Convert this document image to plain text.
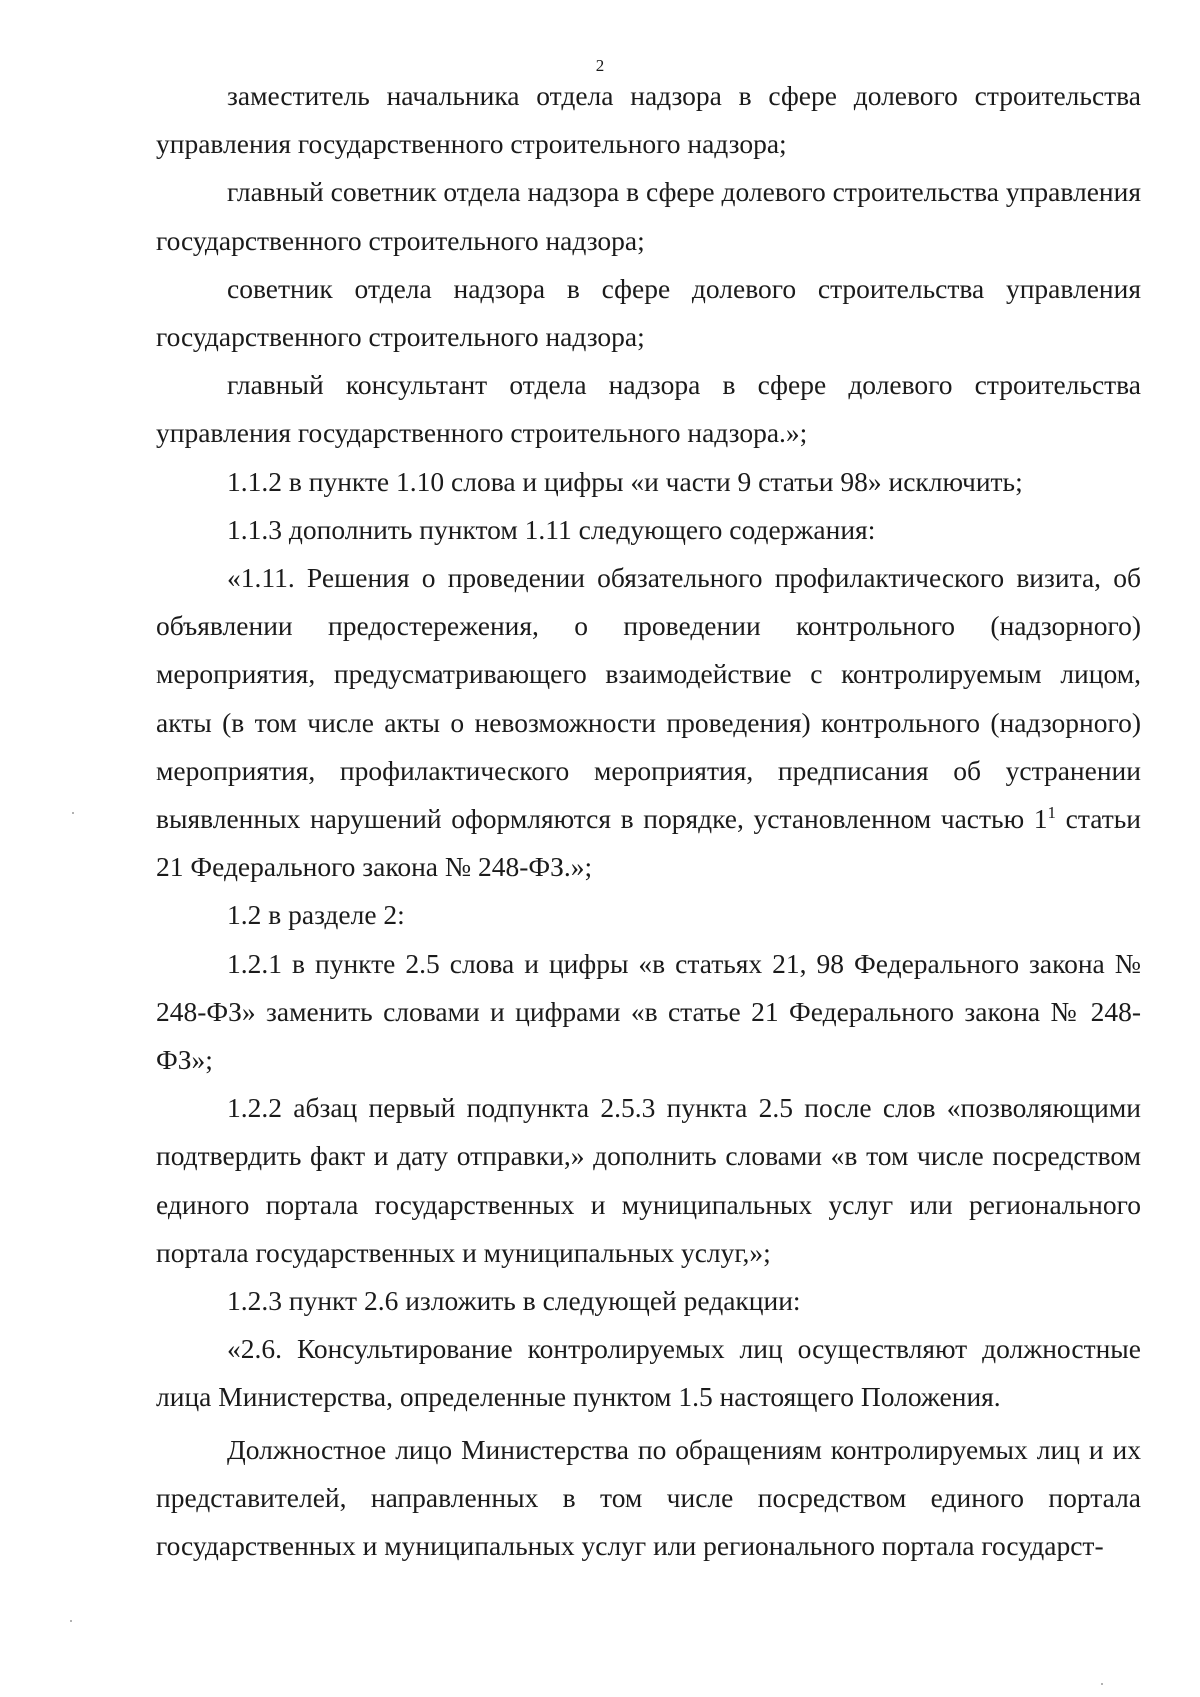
2

заместитель начальника отдела надзора в сфере долевого строительства управления государственного строительного надзора;

главный советник отдела надзора в сфере долевого строительства управления государственного строительного надзора;

советник отдела надзора в сфере долевого строительства управления государственного строительного надзора;

главный консультант отдела надзора в сфере долевого строительства управления государственного строительного надзора.»;

1.1.2 в пункте 1.10 слова и цифры «и части 9 статьи 98» исключить;

1.1.3 дополнить пунктом 1.11 следующего содержания:

«1.11. Решения о проведении обязательного профилактического визита, об объявлении предостережения, о проведении контрольного (надзорного) мероприятия, предусматривающего взаимодействие с контролируемым лицом, акты (в том числе акты о невозможности проведения) контрольного (надзорного) мероприятия, профилактического мероприятия, предписания об устранении выявленных нарушений оформляются в порядке, установленном частью $1^1$ статьи 21 Федерального закона № 248-ФЗ.»;

1.2 в разделе 2:

1.2.1 в пункте 2.5 слова и цифры «в статьях 21, 98 Федерального закона № 248-ФЗ» заменить словами и цифрами «в статье 21 Федерального закона № 248-ФЗ»;

1.2.2 абзац первый подпункта 2.5.3 пункта 2.5 после слов «позволяющими подтвердить факт и дату отправки,» дополнить словами «в том числе посредством единого портала государственных и муниципальных услуг или регионального портала государственных и муниципальных услуг,»;

1.2.3 пункт 2.6 изложить в следующей редакции:

«2.6. Консультирование контролируемых лиц осуществляют должностные лица Министерства, определенные пунктом 1.5 настоящего Положения.

Должностное лицо Министерства по обращениям контролируемых лиц и их представителей, направленных в том числе посредством единого портала государственных и муниципальных услуг или регионального портала государст-
